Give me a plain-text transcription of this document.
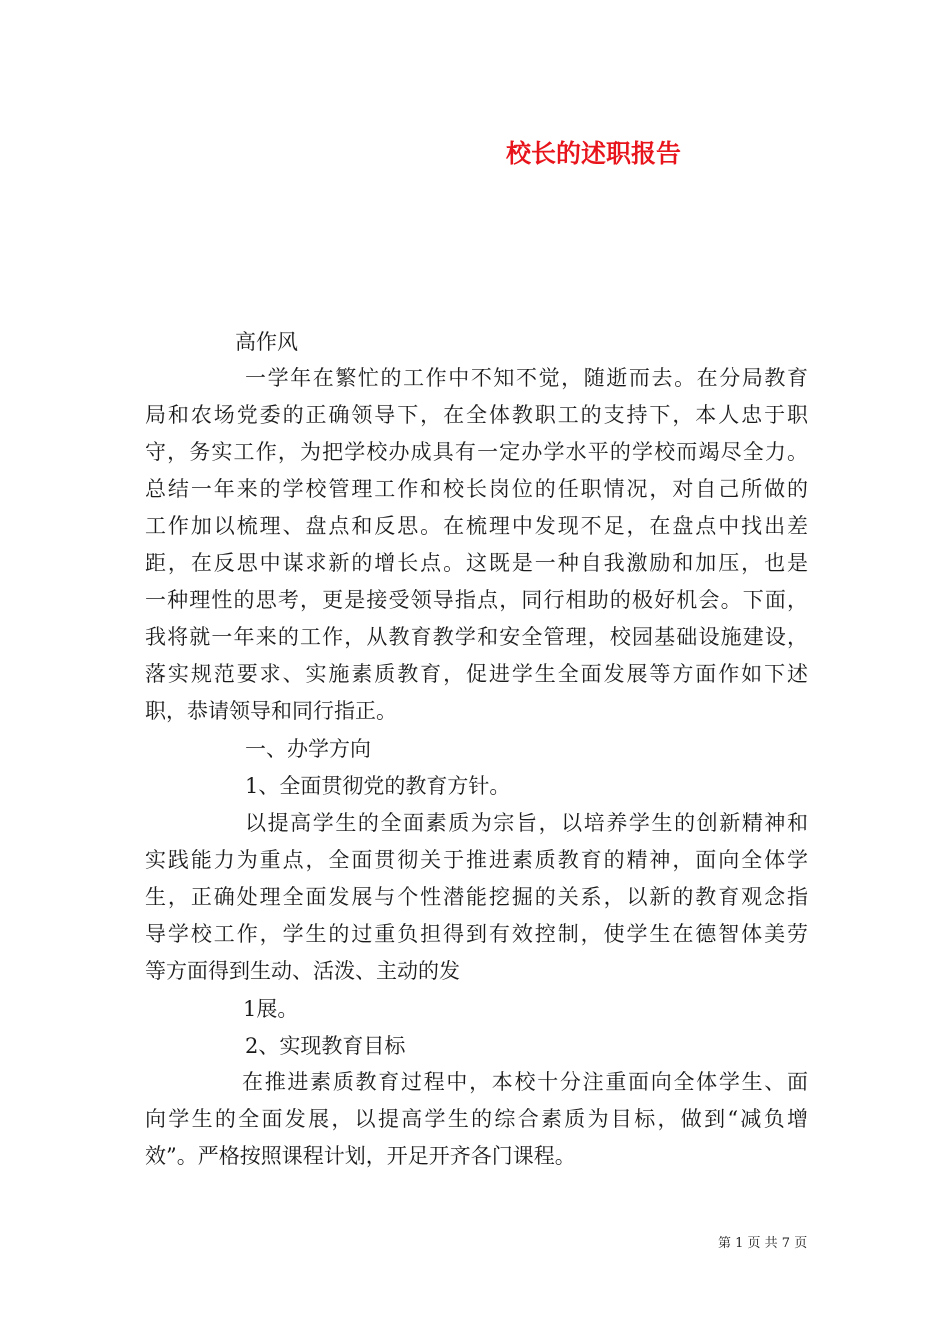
校长的述职报告
高作风
一学年在繁忙的工作中不知不觉，随逝而去。在分局教育
局和农场党委的正确领导下，在全体教职工的支持下，本人忠于职
守，务实工作，为把学校办成具有一定办学水平的学校而竭尽全力。
总结一年来的学校管理工作和校长岗位的任职情况，对自己所做的
工作加以梳理、盘点和反思。在梳理中发现不足，在盘点中找出差
距，在反思中谋求新的增长点。这既是一种自我激励和加压，也是
一种理性的思考，更是接受领导指点，同行相助的极好机会。下面，
我将就一年来的工作，从教育教学和安全管理，校园基础设施建设，
落实规范要求、实施素质教育，促进学生全面发展等方面作如下述
职，恭请领导和同行指正。
一、办学方向
1、全面贯彻党的教育方针。
以提高学生的全面素质为宗旨，以培养学生的创新精神和
实践能力为重点，全面贯彻关于推进素质教育的精神，面向全体学
生，正确处理全面发展与个性潜能挖掘的关系，以新的教育观念指
导学校工作，学生的过重负担得到有效控制，使学生在德智体美劳
等方面得到生动、活泼、主动的发
1展。
2、实现教育目标
在推进素质教育过程中，本校十分注重面向全体学生、面
向学生的全面发展，以提高学生的综合素质为目标，做到“减负增
效”。严格按照课程计划，开足开齐各门课程。
第 1 页 共 7 页
